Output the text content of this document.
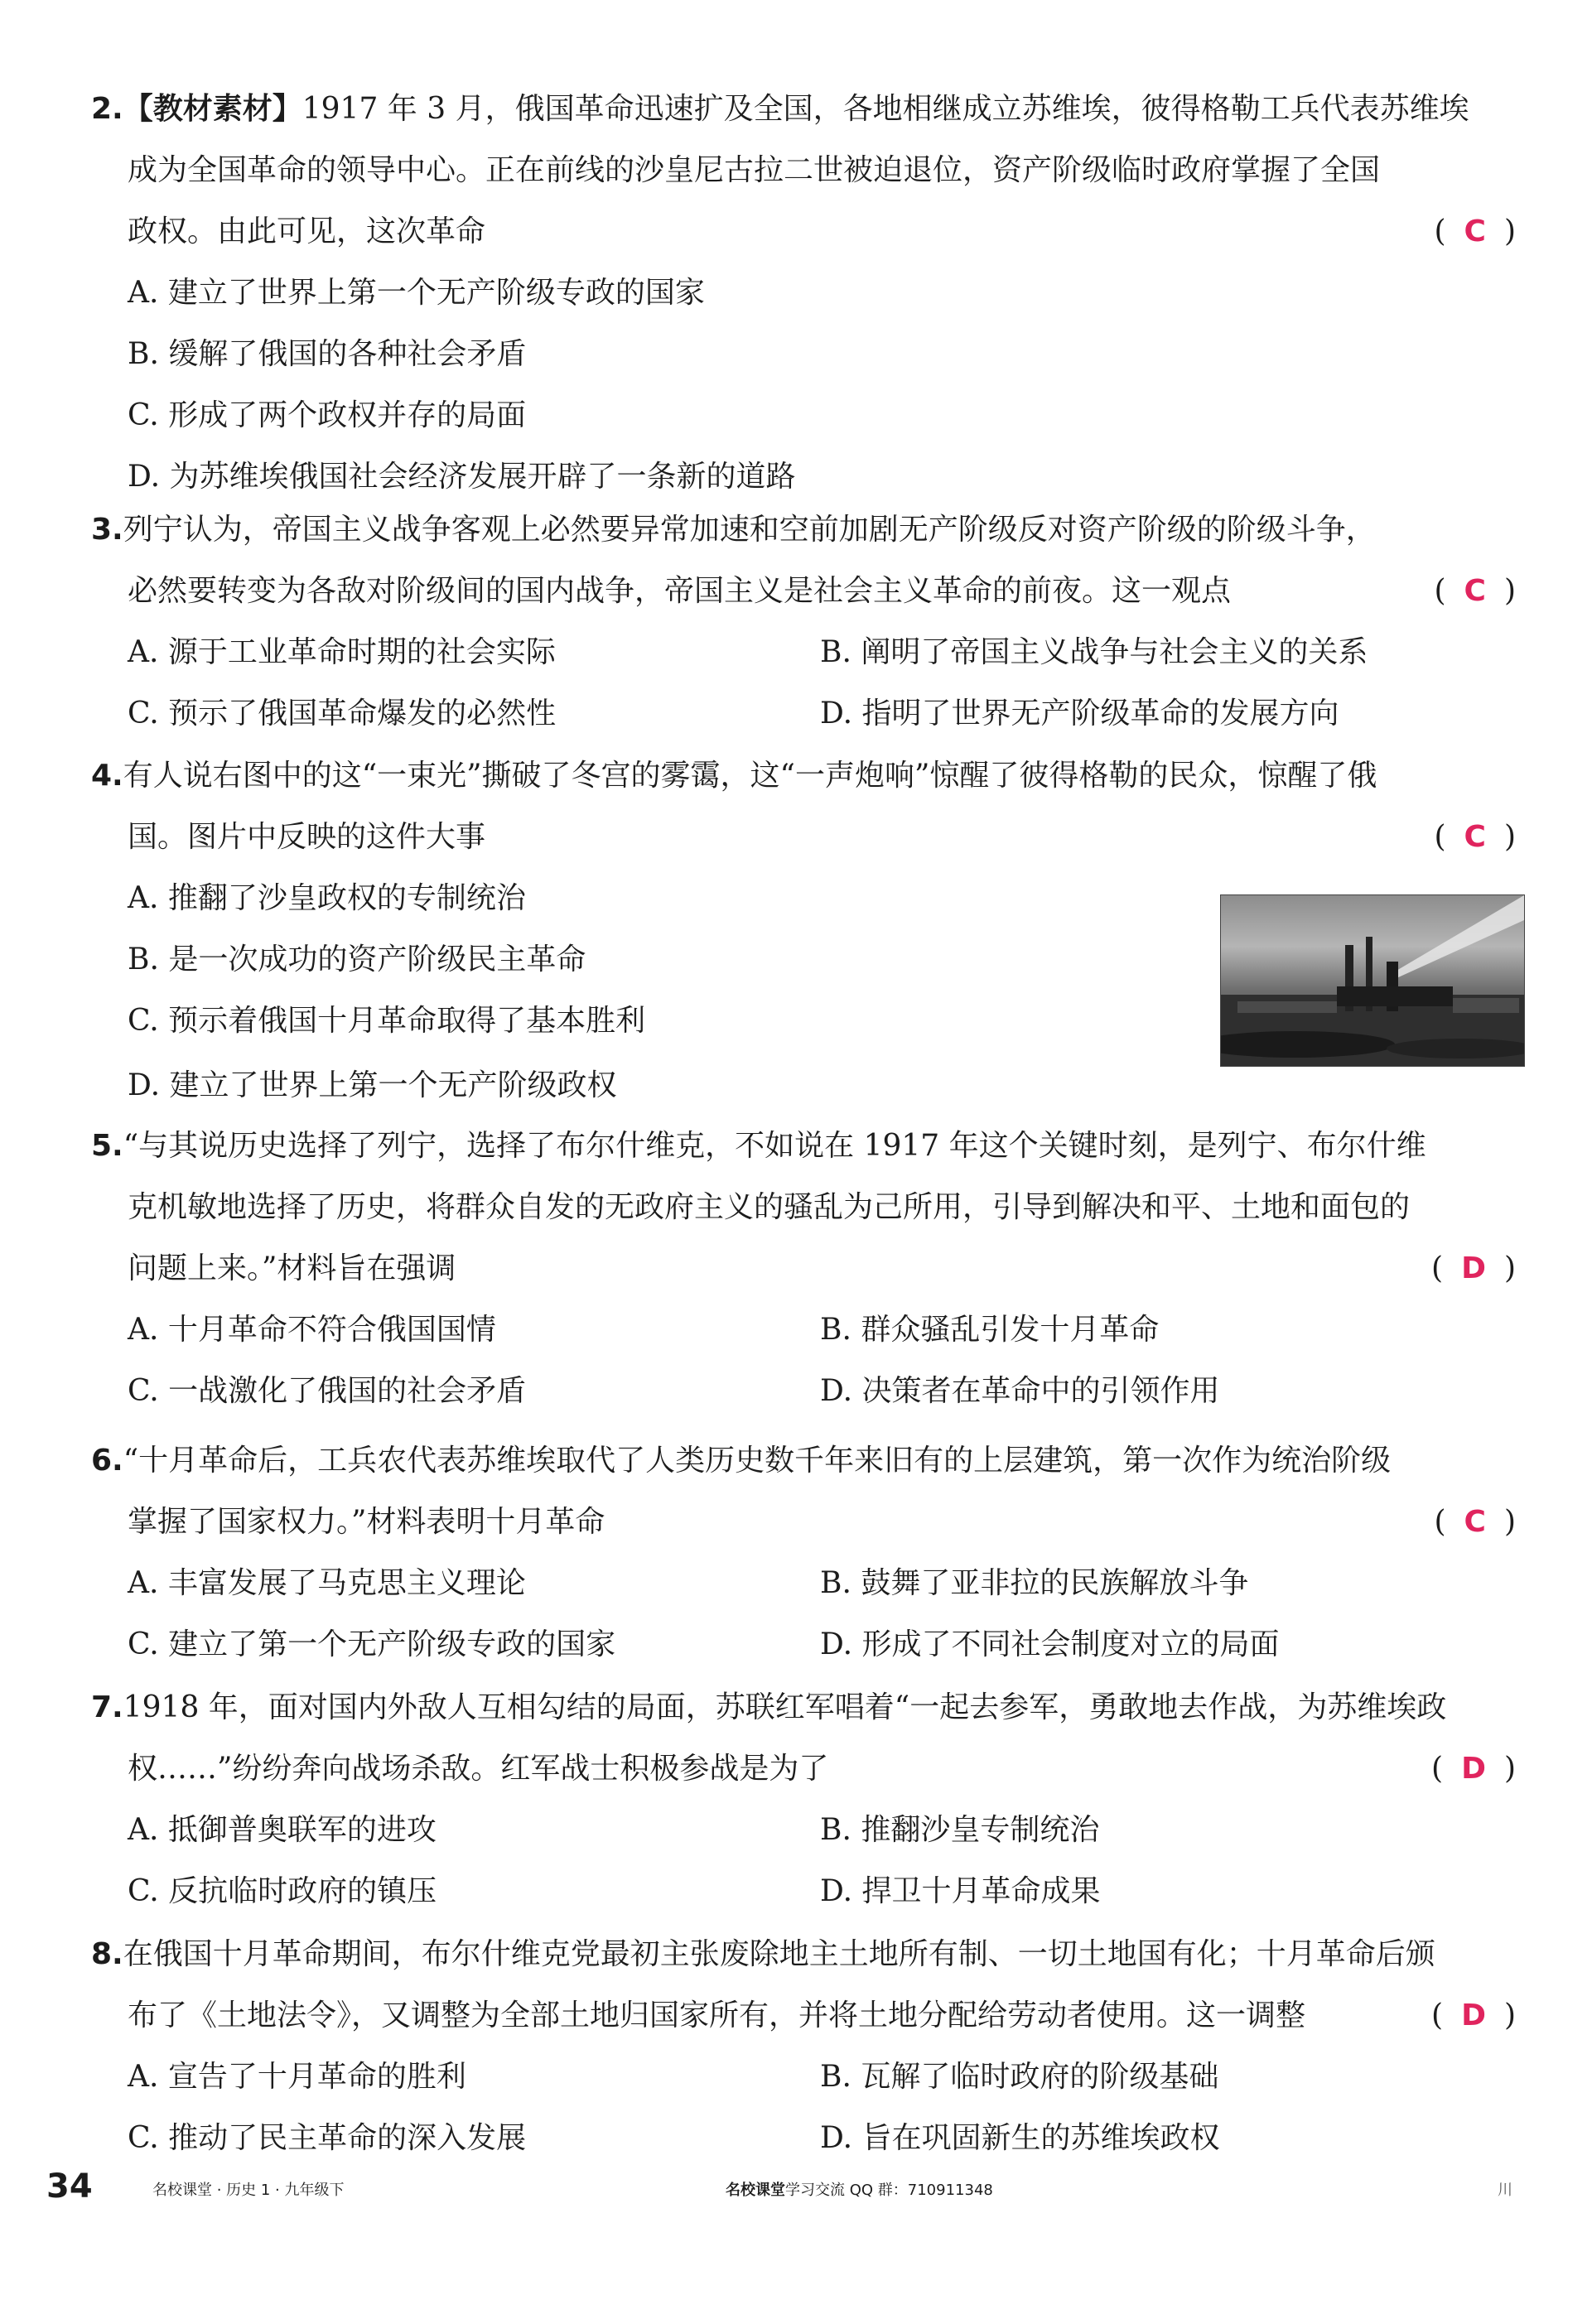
2.【教材素材】1917 年 3 月，俄国革命迅速扩及全国，各地相继成立苏维埃，彼得格勒工兵代表苏维埃
成为全国革命的领导中心。正在前线的沙皇尼古拉二世被迫退位，资产阶级临时政府掌握了全国
政权。由此可见，这次革命	( C )
A. 建立了世界上第一个无产阶级专政的国家
B. 缓解了俄国的各种社会矛盾
C. 形成了两个政权并存的局面
D. 为苏维埃俄国社会经济发展开辟了一条新的道路
3.列宁认为，帝国主义战争客观上必然要异常加速和空前加剧无产阶级反对资产阶级的阶级斗争，
必然要转变为各敌对阶级间的国内战争，帝国主义是社会主义革命的前夜。这一观点	( C )
A. 源于工业革命时期的社会实际	B. 阐明了帝国主义战争与社会主义的关系
C. 预示了俄国革命爆发的必然性	D. 指明了世界无产阶级革命的发展方向
4.有人说右图中的这“一束光”撕破了冬宫的雾霭，这“一声炮响”惊醒了彼得格勒的民众，惊醒了俄
国。图片中反映的这件大事	( C )
A. 推翻了沙皇政权的专制统治
B. 是一次成功的资产阶级民主革命
C. 预示着俄国十月革命取得了基本胜利
D. 建立了世界上第一个无产阶级政权
5.“与其说历史选择了列宁，选择了布尔什维克，不如说在 1917 年这个关键时刻，是列宁、布尔什维
克机敏地选择了历史，将群众自发的无政府主义的骚乱为己所用，引导到解决和平、土地和面包的
问题上来。”材料旨在强调	( D )
A. 十月革命不符合俄国国情	B. 群众骚乱引发十月革命
C. 一战激化了俄国的社会矛盾	D. 决策者在革命中的引领作用
6.“十月革命后，工兵农代表苏维埃取代了人类历史数千年来旧有的上层建筑，第一次作为统治阶级
掌握了国家权力。”材料表明十月革命	( C )
A. 丰富发展了马克思主义理论	B. 鼓舞了亚非拉的民族解放斗争
C. 建立了第一个无产阶级专政的国家	D. 形成了不同社会制度对立的局面
7.1918 年，面对国内外敌人互相勾结的局面，苏联红军唱着“一起去参军，勇敢地去作战，为苏维埃政
权……”纷纷奔向战场杀敌。红军战士积极参战是为了	( D )
A. 抵御普奥联军的进攻	B. 推翻沙皇专制统治
C. 反抗临时政府的镇压	D. 捍卫十月革命成果
8.在俄国十月革命期间，布尔什维克党最初主张废除地主土地所有制、一切土地国有化；十月革命后颁
布了《土地法令》，又调整为全部土地归国家所有，并将土地分配给劳动者使用。这一调整	( D )
A. 宣告了十月革命的胜利	B. 瓦解了临时政府的阶级基础
C. 推动了民主革命的深入发展	D. 旨在巩固新生的苏维埃政权
34	名校课堂 · 历史 1 · 九年级下	名校课堂学习交流 QQ 群：710911348	川
